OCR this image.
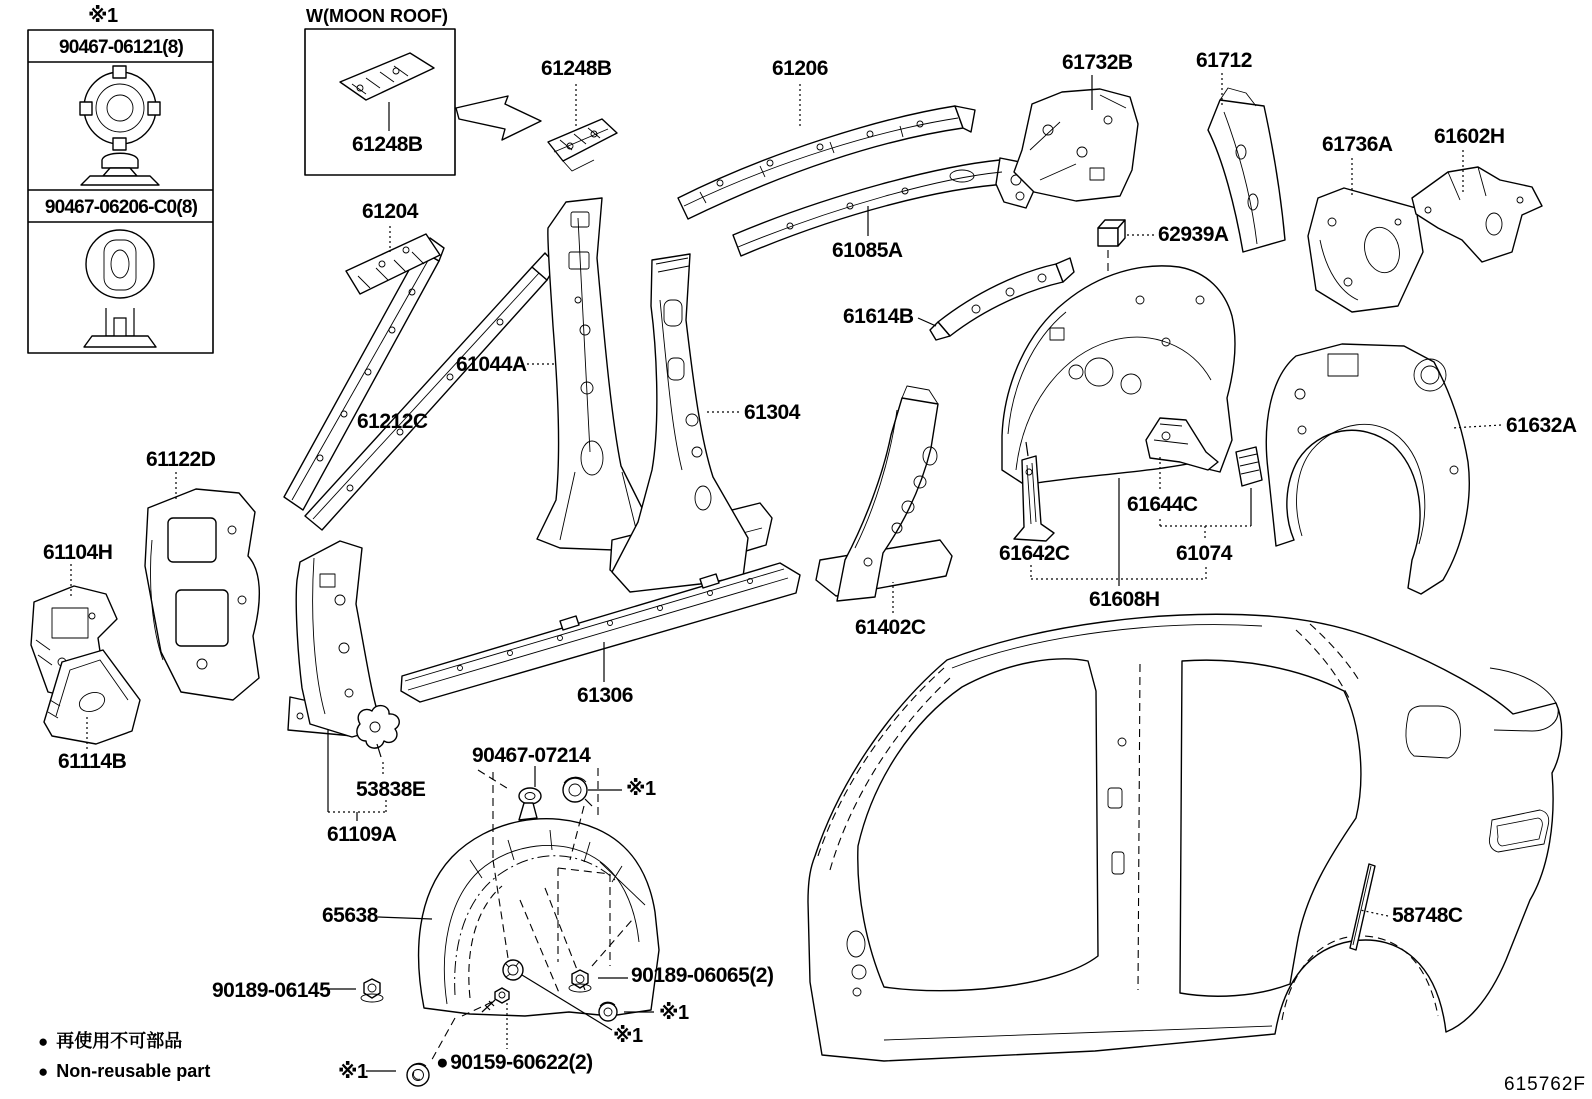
※1
90467-06121(8)
90467-06206-C0(8)
W(MOON ROOF)
61248B
61248B	61206
61085A
61732B	61712
61736A 61602H
62939A
61614B
61204
61212C
61044A
61304
61122D
61104H
61114B
61632A
61644C
61642C	61074
61608H
61402C
61306
53838E
61109A
90467-07214
※1
65638
90189-06145
90189-06065(2)
※1
※1
●90159-60622(2)
※1
58748C
● 再使用不可部品
● Non-reusable part
615762F
